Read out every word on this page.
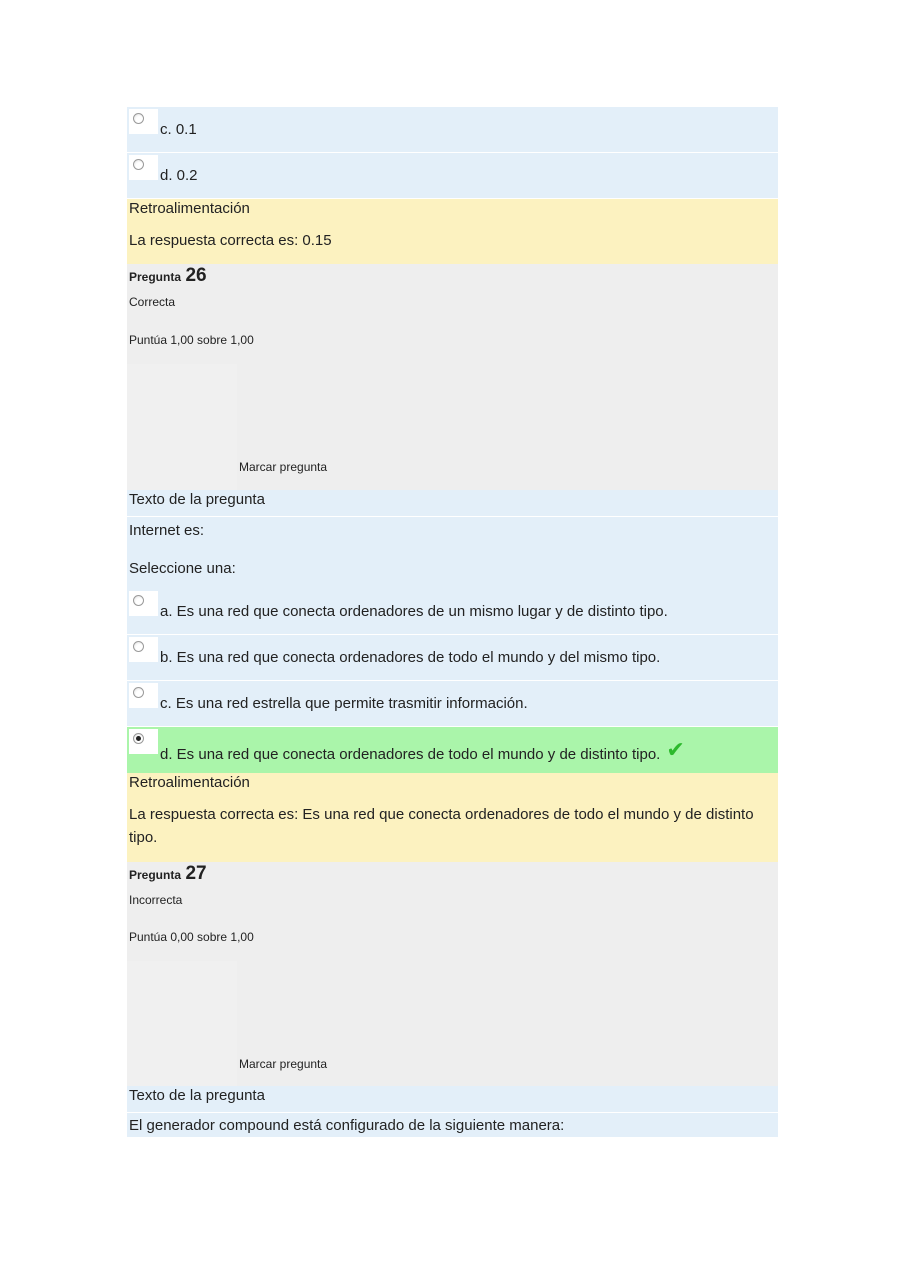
c. 0.1
d. 0.2
Retroalimentación
La respuesta correcta es: 0.15
Pregunta 26
Correcta
Puntúa 1,00 sobre 1,00
Marcar pregunta
Texto de la pregunta
Internet es:
Seleccione una:
a. Es una red que conecta ordenadores de un mismo lugar y de distinto tipo.
b. Es una red que conecta ordenadores de todo el mundo y del mismo tipo.
c. Es una red estrella que permite trasmitir información.
d. Es una red que conecta ordenadores de todo el mundo y de distinto tipo. ✔
Retroalimentación
La respuesta correcta es: Es una red que conecta ordenadores de todo el mundo y de distinto tipo.
Pregunta 27
Incorrecta
Puntúa 0,00 sobre 1,00
Marcar pregunta
Texto de la pregunta
El generador compound está configurado de la siguiente manera:
